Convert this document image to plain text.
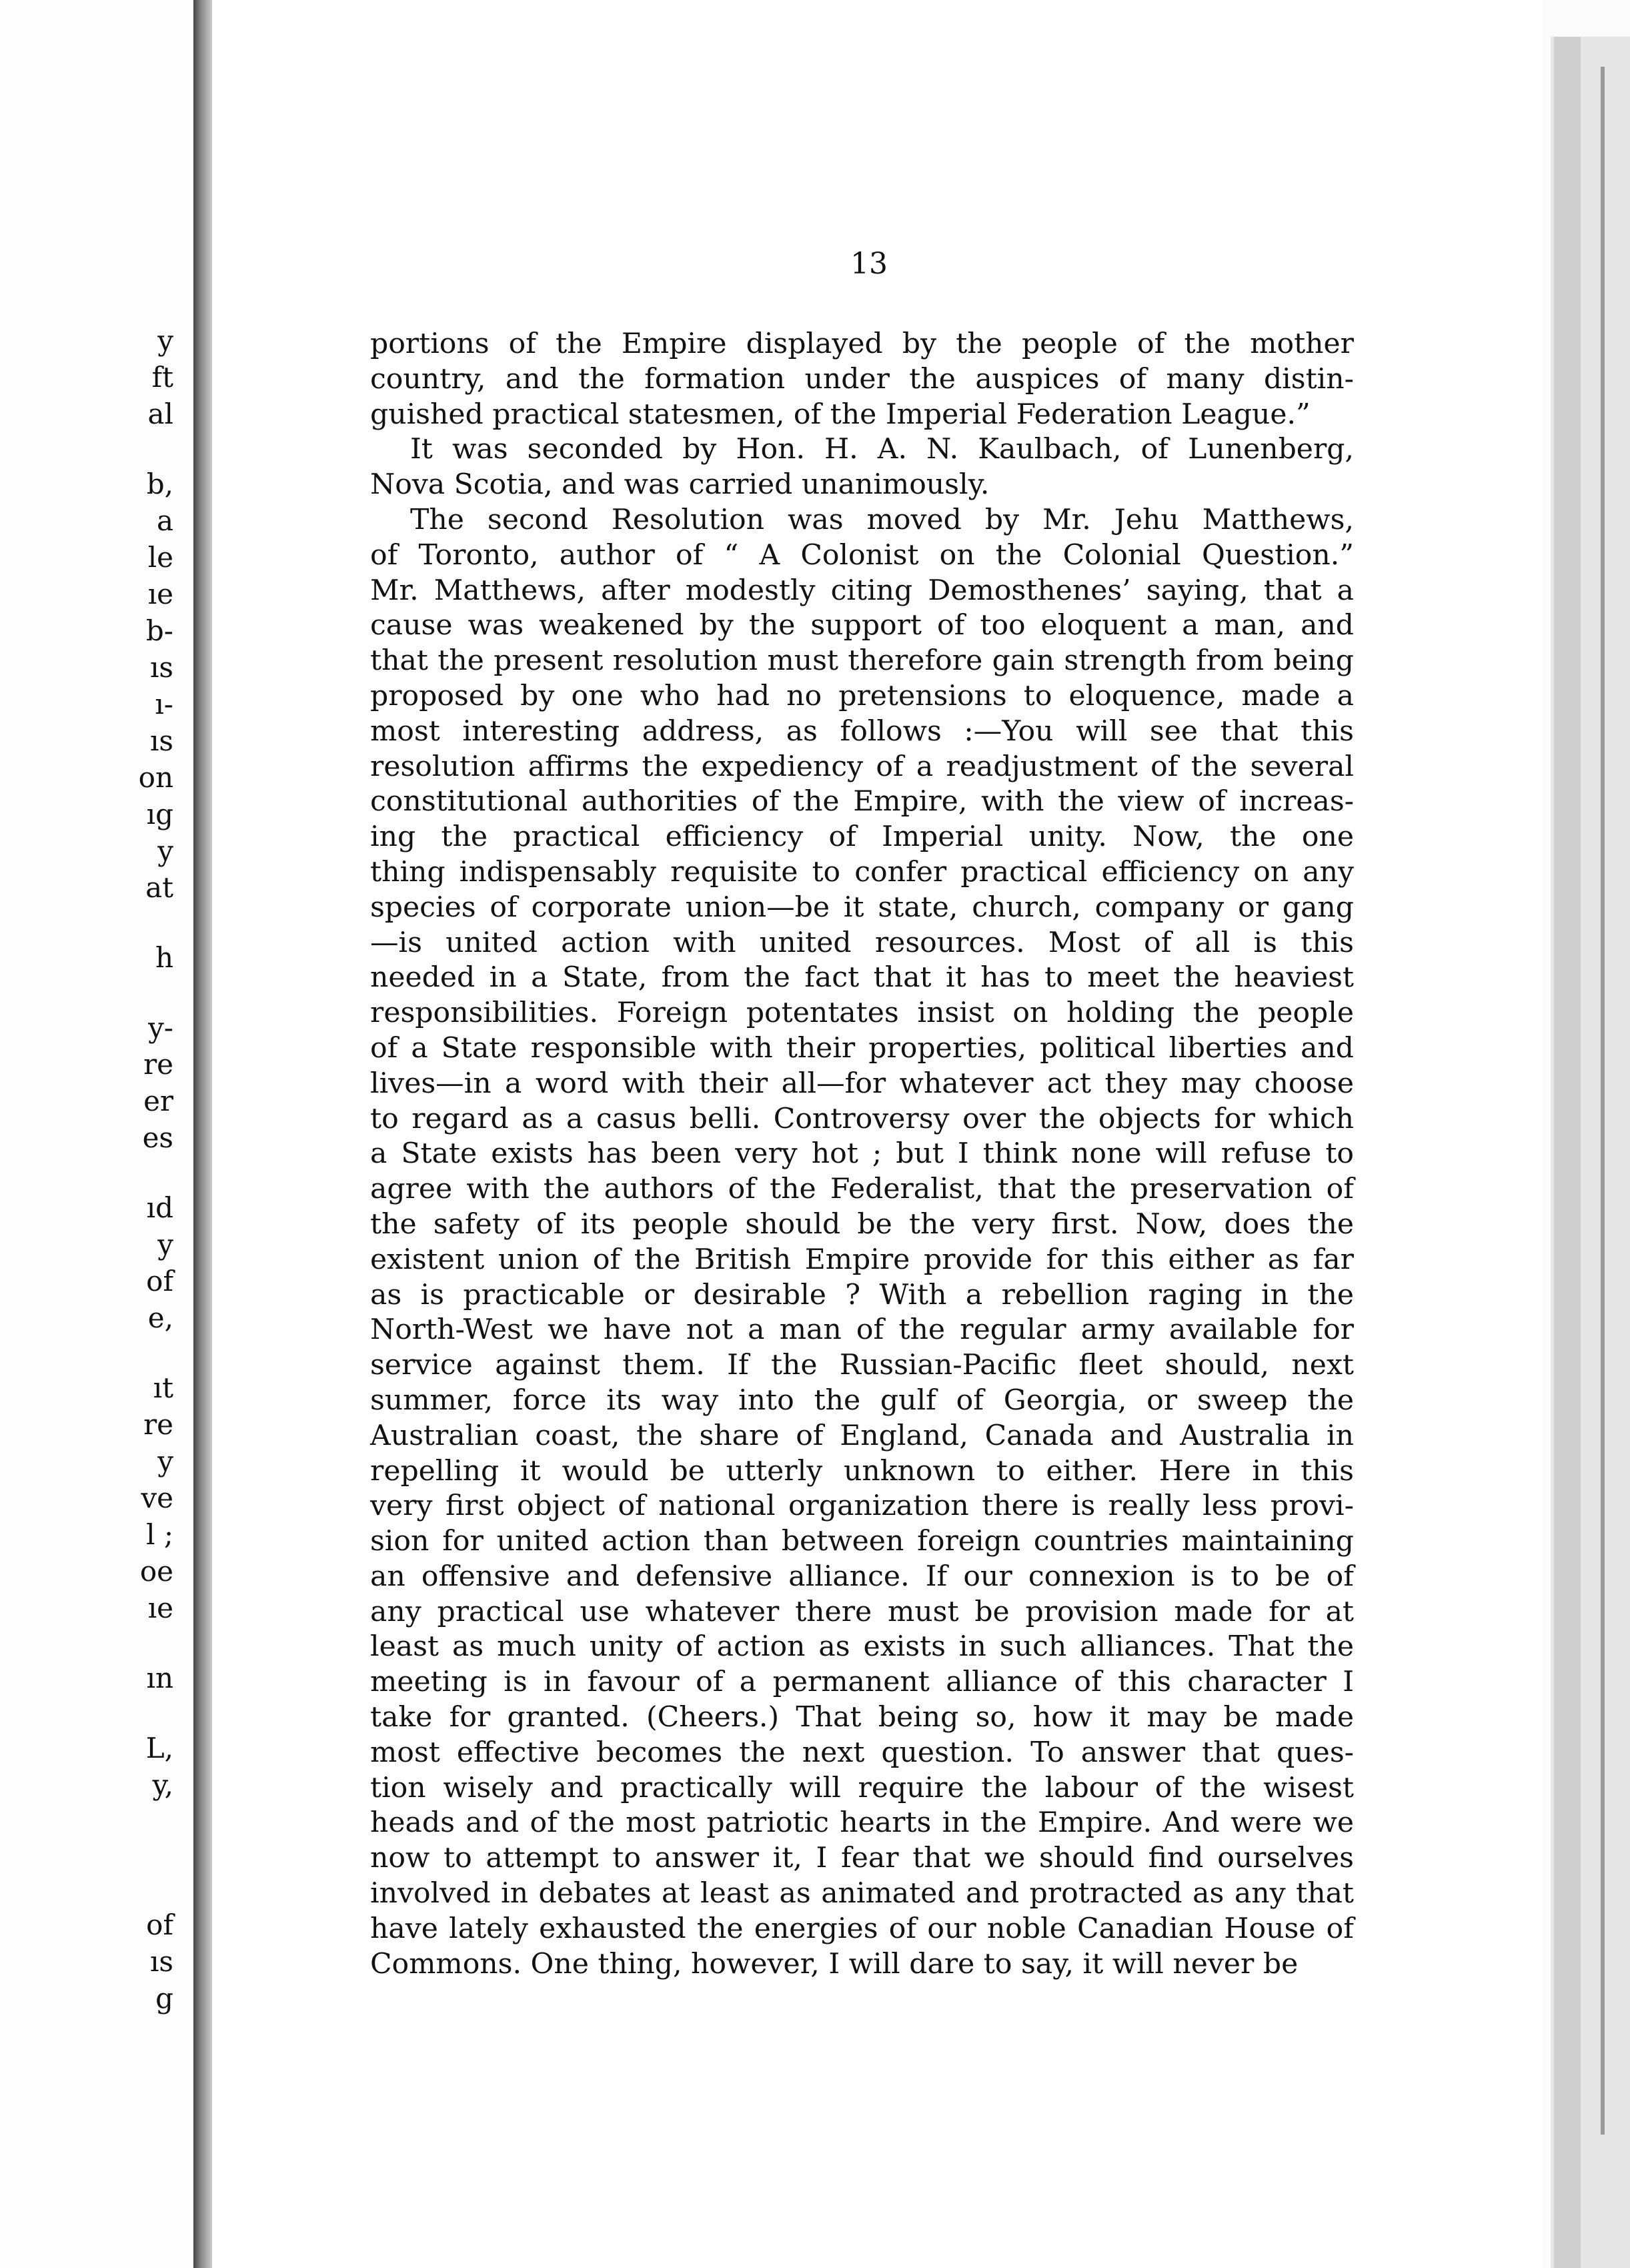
y
ft
al
b,
a
le
ıe
b-
ıs
ı-
ıs
on
ıg
y
at
h
y-
re
er
es
ıd
y
of
e,
ıt
re
y
ve
l ;
oe
ıe
ın
L,
y,
of
ıs
g
13
portions of the Empire displayed by the people of the mother
country, and the formation under the auspices of many distin-
guished practical statesmen, of the Imperial Federation League.”
It was seconded by Hon. H. A. N. Kaulbach, of Lunenberg,
Nova Scotia, and was carried unanimously.
The second Resolution was moved by Mr. Jehu Matthews,
of Toronto, author of “ A Colonist on the Colonial Question.”
Mr. Matthews, after modestly citing Demosthenes’ saying, that a
cause was weakened by the support of too eloquent a man, and
that the present resolution must therefore gain strength from being
proposed by one who had no pretensions to eloquence, made a
most interesting address, as follows :—You will see that this
resolution affirms the expediency of a readjustment of the several
constitutional authorities of the Empire, with the view of increas-
ing the practical efficiency of Imperial unity. Now, the one
thing indispensably requisite to confer practical efficiency on any
species of corporate union—be it state, church, company or gang
—is united action with united resources. Most of all is this
needed in a State, from the fact that it has to meet the heaviest
responsibilities. Foreign potentates insist on holding the people
of a State responsible with their properties, political liberties and
lives—in a word with their all—for whatever act they may choose
to regard as a casus belli. Controversy over the objects for which
a State exists has been very hot ; but I think none will refuse to
agree with the authors of the Federalist, that the preservation of
the safety of its people should be the very first. Now, does the
existent union of the British Empire provide for this either as far
as is practicable or desirable ? With a rebellion raging in the
North-West we have not a man of the regular army available for
service against them. If the Russian-Pacific fleet should, next
summer, force its way into the gulf of Georgia, or sweep the
Australian coast, the share of England, Canada and Australia in
repelling it would be utterly unknown to either. Here in this
very first object of national organization there is really less provi-
sion for united action than between foreign countries maintaining
an offensive and defensive alliance. If our connexion is to be of
any practical use whatever there must be provision made for at
least as much unity of action as exists in such alliances. That the
meeting is in favour of a permanent alliance of this character I
take for granted. (Cheers.) That being so, how it may be made
most effective becomes the next question. To answer that ques-
tion wisely and practically will require the labour of the wisest
heads and of the most patriotic hearts in the Empire. And were we
now to attempt to answer it, I fear that we should find ourselves
involved in debates at least as animated and protracted as any that
have lately exhausted the energies of our noble Canadian House of
Commons. One thing, however, I will dare to say, it will never be
